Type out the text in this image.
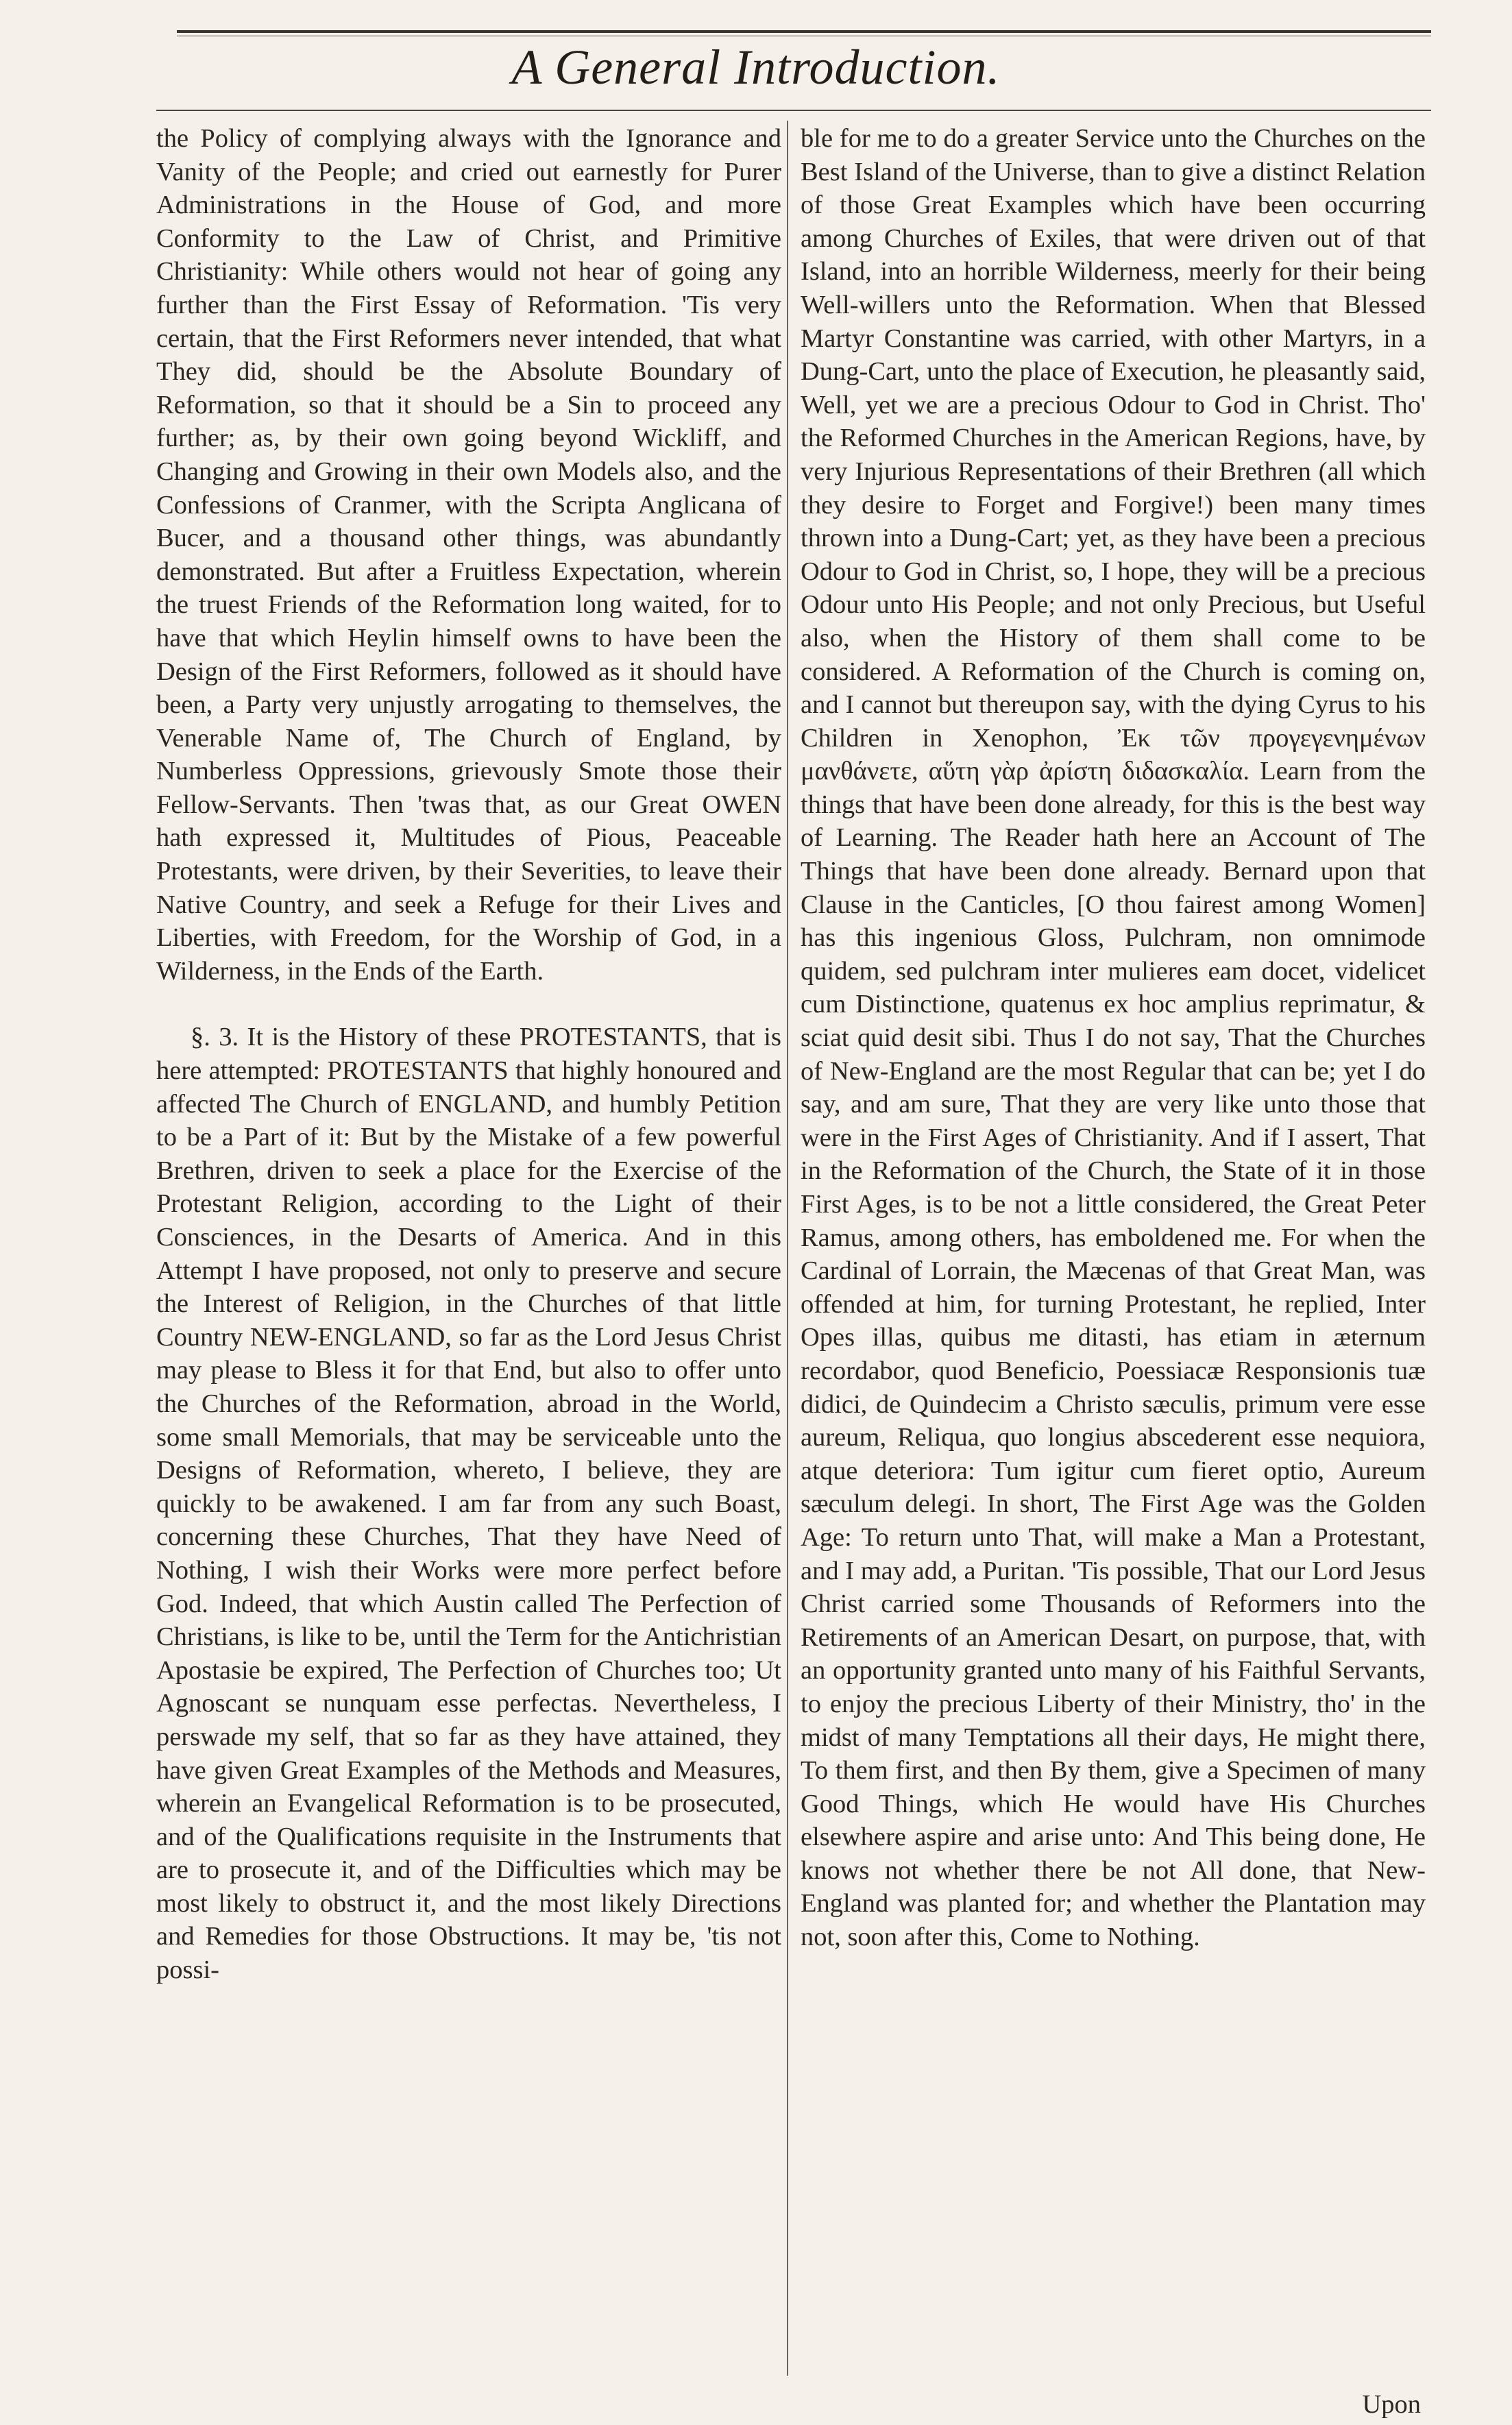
A General Introduction.

the Policy of complying always with the Ignorance and Vanity of the People; and cried out earnestly for Purer Administrations in the House of God, and more Conformity to the Law of Christ, and Primitive Christianity: While others would not hear of going any further than the First Essay of Reformation. 'Tis very certain, that the First Reformers never intended, that what They did, should be the Absolute Boundary of Reformation, so that it should be a Sin to proceed any further; as, by their own going beyond Wickliff, and Changing and Growing in their own Models also, and the Confessions of Cranmer, with the Scripta Anglicana of Bucer, and a thousand other things, was abundantly demonstrated. But after a Fruitless Expectation, wherein the truest Friends of the Reformation long waited, for to have that which Heylin himself owns to have been the Design of the First Reformers, followed as it should have been, a Party very unjustly arrogating to themselves, the Venerable Name of, The Church of England, by Numberless Oppressions, grievously Smote those their Fellow-Servants. Then 'twas that, as our Great OWEN hath expressed it, Multitudes of Pious, Peaceable Protestants, were driven, by their Severities, to leave their Native Country, and seek a Refuge for their Lives and Liberties, with Freedom, for the Worship of God, in a Wilderness, in the Ends of the Earth.

§. 3. It is the History of these PROTESTANTS, that is here attempted: PROTESTANTS that highly honoured and affected The Church of ENGLAND, and humbly Petition to be a Part of it: But by the Mistake of a few powerful Brethren, driven to seek a place for the Exercise of the Protestant Religion, according to the Light of their Consciences, in the Desarts of America. And in this Attempt I have proposed, not only to preserve and secure the Interest of Religion, in the Churches of that little Country NEW-ENGLAND, so far as the Lord Jesus Christ may please to Bless it for that End, but also to offer unto the Churches of the Reformation, abroad in the World, some small Memorials, that may be serviceable unto the Designs of Reformation, whereto, I believe, they are quickly to be awakened. I am far from any such Boast, concerning these Churches, That they have Need of Nothing, I wish their Works were more perfect before God. Indeed, that which Austin called The Perfection of Christians, is like to be, until the Term for the Antichristian Apostasie be expired, The Perfection of Churches too; Ut Agnoscant se nunquam esse perfectas. Nevertheless, I perswade my self, that so far as they have attained, they have given Great Examples of the Methods and Measures, wherein an Evangelical Reformation is to be prosecuted, and of the Qualifications requisite in the Instruments that are to prosecute it, and of the Difficulties which may be most likely to obstruct it, and the most likely Directions and Remedies for those Obstructions. It may be, 'tis not possi-

ble for me to do a greater Service unto the Churches on the Best Island of the Universe, than to give a distinct Relation of those Great Examples which have been occurring among Churches of Exiles, that were driven out of that Island, into an horrible Wilderness, meerly for their being Well-willers unto the Reformation. When that Blessed Martyr Constantine was carried, with other Martyrs, in a Dung-Cart, unto the place of Execution, he pleasantly said, Well, yet we are a precious Odour to God in Christ. Tho' the Reformed Churches in the American Regions, have, by very Injurious Representations of their Brethren (all which they desire to Forget and Forgive!) been many times thrown into a Dung-Cart; yet, as they have been a precious Odour to God in Christ, so, I hope, they will be a precious Odour unto His People; and not only Precious, but Useful also, when the History of them shall come to be considered. A Reformation of the Church is coming on, and I cannot but thereupon say, with the dying Cyrus to his Children in Xenophon, Ἐκ τῶν προγεγενημένων μανθάνετε, αὕτη γὰρ ἀρίστη διδασκαλία. Learn from the things that have been done already, for this is the best way of Learning. The Reader hath here an Account of The Things that have been done already. Bernard upon that Clause in the Canticles, [O thou fairest among Women] has this ingenious Gloss, Pulchram, non omnimode quidem, sed pulchram inter mulieres eam docet, videlicet cum Distinctione, quatenus ex hoc amplius reprimatur, & sciat quid desit sibi. Thus I do not say, That the Churches of New-England are the most Regular that can be; yet I do say, and am sure, That they are very like unto those that were in the First Ages of Christianity. And if I assert, That in the Reformation of the Church, the State of it in those First Ages, is to be not a little considered, the Great Peter Ramus, among others, has emboldened me. For when the Cardinal of Lorrain, the Mæcenas of that Great Man, was offended at him, for turning Protestant, he replied, Inter Opes illas, quibus me ditasti, has etiam in æternum recordabor, quod Beneficio, Poessiacæ Responsionis tuæ didici, de Quindecim a Christo sæculis, primum vere esse aureum, Reliqua, quo longius abscederent esse nequiora, atque deteriora: Tum igitur cum fieret optio, Aureum sæculum delegi. In short, The First Age was the Golden Age: To return unto That, will make a Man a Protestant, and I may add, a Puritan. 'Tis possible, That our Lord Jesus Christ carried some Thousands of Reformers into the Retirements of an American Desart, on purpose, that, with an opportunity granted unto many of his Faithful Servants, to enjoy the precious Liberty of their Ministry, tho' in the midst of many Temptations all their days, He might there, To them first, and then By them, give a Specimen of many Good Things, which He would have His Churches elsewhere aspire and arise unto: And This being done, He knows not whether there be not All done, that New-England was planted for; and whether the Plantation may not, soon after this, Come to Nothing.

Upon
